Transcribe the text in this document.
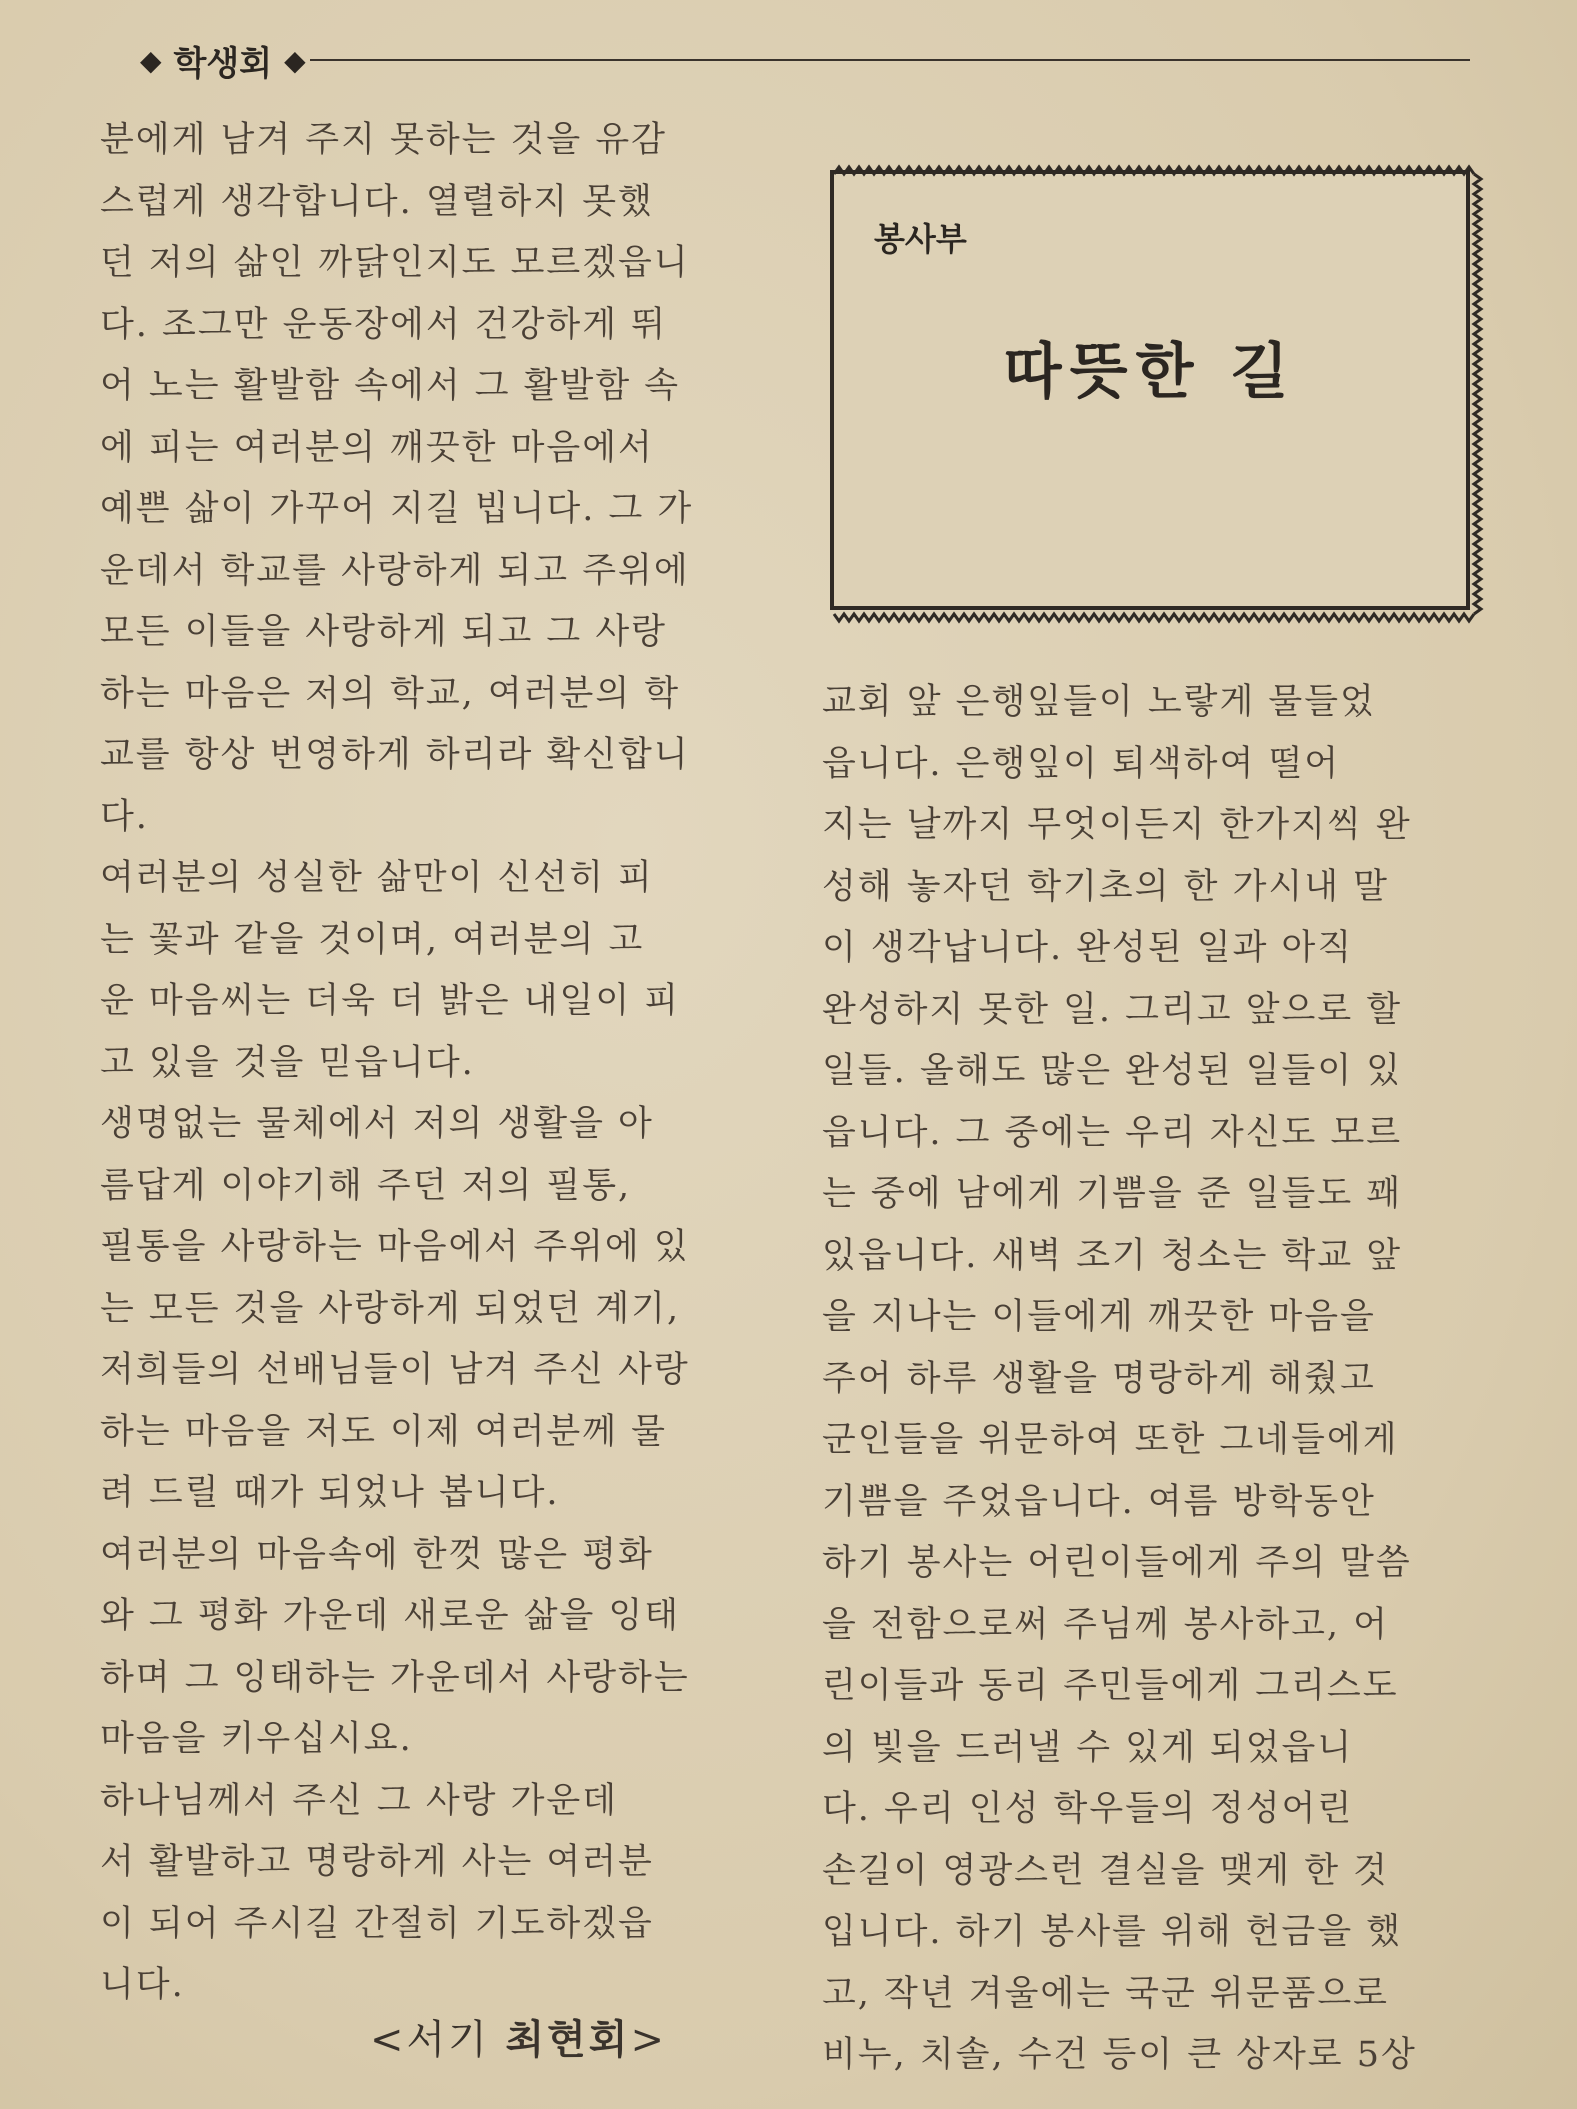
◆ 학생회 ◆
분에게 남겨 주지 못하는 것을 유감
스럽게 생각합니다. 열렬하지 못했
던 저의 삶인 까닭인지도 모르겠읍니
다. 조그만 운동장에서 건강하게 뛰
어 노는 활발함 속에서 그 활발함 속
에 피는 여러분의 깨끗한 마음에서
예쁜 삶이 가꾸어 지길 빕니다. 그 가
운데서 학교를 사랑하게 되고 주위에
모든 이들을 사랑하게 되고 그 사랑
하는 마음은 저의 학교, 여러분의 학
교를 항상 번영하게 하리라 확신합니
다.
여러분의 성실한 삶만이 신선히 피
는 꽃과 같을 것이며, 여러분의 고
운 마음씨는 더욱 더 밝은 내일이 피
고 있을 것을 믿읍니다.
생명없는 물체에서 저의 생활을 아
름답게 이야기해 주던 저의 필통,
필통을 사랑하는 마음에서 주위에 있
는 모든 것을 사랑하게 되었던 계기,
저희들의 선배님들이 남겨 주신 사랑
하는 마음을 저도 이제 여러분께 물
려 드릴 때가 되었나 봅니다.
여러분의 마음속에 한껏 많은 평화
와 그 평화 가운데 새로운 삶을 잉태
하며 그 잉태하는 가운데서 사랑하는
마음을 키우십시요.
하나님께서 주신 그 사랑 가운데
서 활발하고 명랑하게 사는 여러분
이 되어 주시길 간절히 기도하겠읍
니다.
<서기 최현회>
봉사부
따뜻한 길
교회 앞 은행잎들이 노랗게 물들었
읍니다. 은행잎이 퇴색하여 떨어
지는 날까지 무엇이든지 한가지씩 완
성해 놓자던 학기초의 한 가시내 말
이 생각납니다. 완성된 일과 아직
완성하지 못한 일. 그리고 앞으로 할
일들. 올해도 많은 완성된 일들이 있
읍니다. 그 중에는 우리 자신도 모르
는 중에 남에게 기쁨을 준 일들도 꽤
있읍니다. 새벽 조기 청소는 학교 앞
을 지나는 이들에게 깨끗한 마음을
주어 하루 생활을 명랑하게 해줬고
군인들을 위문하여 또한 그네들에게
기쁨을 주었읍니다. 여름 방학동안
하기 봉사는 어린이들에게 주의 말씀
을 전함으로써 주님께 봉사하고, 어
린이들과 동리 주민들에게 그리스도
의 빛을 드러낼 수 있게 되었읍니
다. 우리 인성 학우들의 정성어린
손길이 영광스런 결실을 맺게 한 것
입니다. 하기 봉사를 위해 헌금을 했
고, 작년 겨울에는 국군 위문품으로
비누, 치솔, 수건 등이 큰 상자로 5상
